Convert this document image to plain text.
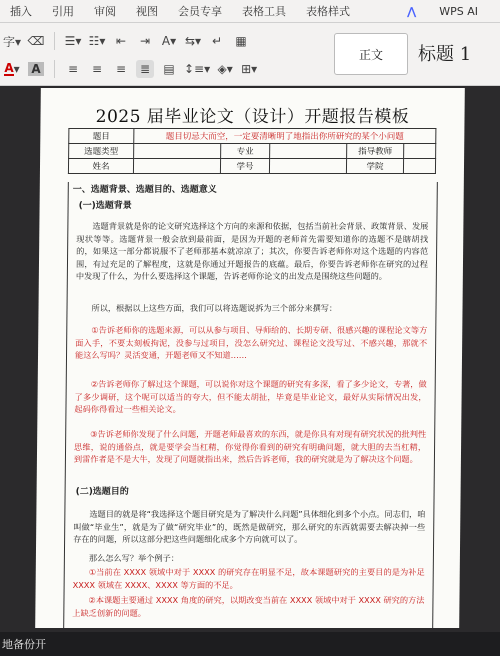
插入	引用	审阅	视图	会员专享	表格工具	表格样式	⋀	WPS AI
字▾ ⌫ ☰▾ ☷▾ ⇤	⇥ A▾ ⇆▾ ↵	▦
A ▾ A	≡	≡	≡	≣	▤ ↕≡▾ ◈▾ ⊞▾
正文	标题 1
2025 届毕业论文（设计）开题报告模板
题目	题目切忌大而空，一定要清晰明了地指出你所研究的某个小问题				
选题类型		专业		指导教师	
姓名		学号		学院	

一、选题背景、选题目的、选题意义

(一)选题背景

选题背景就是你的论文研究选择这个方向的来源和依据，包括当前社会背景、政策背景、发展现状等等。选题背景一般会放到最前面，是因为开题的老师首先需要知道你的选题不是瞎胡找的，如果这一部分都说服不了老师那基本就凉凉了；其次，你要告诉老师你对这个选题的内容范围，有过充足的了解程度，这就是你通过开题报告的底蕴。最后，你要告诉老师你在研究的过程中发现了什么，为什么要选择这个课题，告诉老师你论文的出发点是围绕这些问题的。

所以，根据以上这些方面，我们可以将选题说拆为三个部分来撰写：

①告诉老师你的选题来源，可以从参与项目、导师给的、长期专研、很感兴趣的课程论文等方面入手，不要太刻板拘泥，没参与过项目，没怎么研究过、课程论文没写过、不感兴趣，那就不能这么写吗？灵活变通，开题老师又不知道……

②告诉老师你了解过这个课题，可以说你对这个课题的研究有多深，看了多少论文，专著，做了多少调研，这个呢可以适当的夸大，但不能太胡扯，毕竟是毕业论文，最好从实际情况出发，起码你得看过一些相关论文。

③告诉老师你发现了什么问题，开题老师最喜欢的东西，就是你具有对现有研究状况的批判性思维，说的通俗点，就是要学会当杠精，你觉得你看到的研究有明确问题，就大胆的去当杠精，到雷作者是不是大牛，发现了问题就指出来，然后告诉老师，我的研究就是为了解决这个问题。

(二)选题目的

选题目的就是将“我选择这个题目研究是为了解决什么问题”具体细化到多个小点。同志们，咱叫做“毕业生”，就是为了做“研究毕业”的，既然是做研究，那么研究的东西就需要去解决掉一些存在的问题，所以这部分把这些问题细化成多个方向就可以了。

那么怎么写？举个例子：

①当前在 XXXX 领域中对于 XXXX 的研究存在明显不足，故本课题研究的主要目的是为补足 XXXX 领域在 XXXX、XXXX 等方面的不足。

②本课题主要通过 XXXX 角度的研究，以期改变当前在 XXXX 领域中对于 XXXX 研究的方法上缺乏创新的问题。

地备份开
